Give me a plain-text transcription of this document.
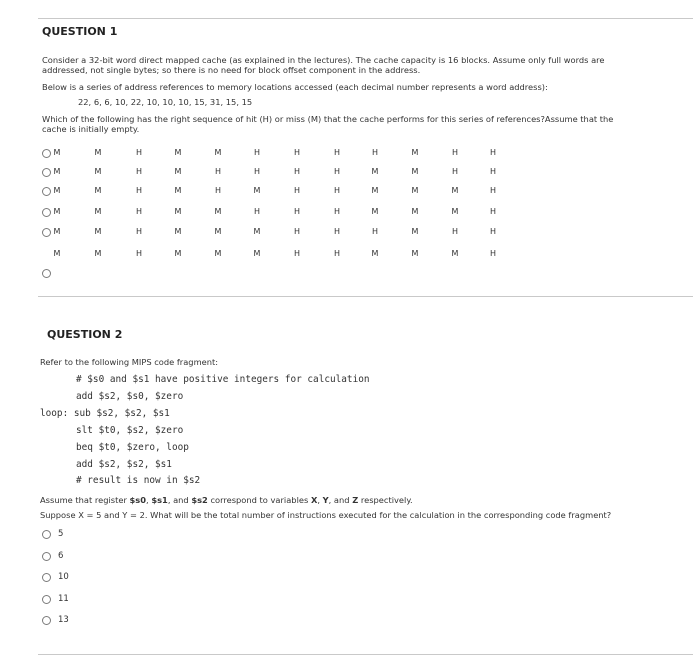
QUESTION 1
Consider a 32-bit word direct mapped cache (as explained in the lectures). The cache capacity is 16 blocks. Assume only full words are
addressed, not single bytes; so there is no need for block offset component in the address.
Below is a series of address references to memory locations accessed (each decimal number represents a word address):
22, 6, 6, 10, 22, 10, 10, 10, 15, 31, 15, 15
Which of the following has the right sequence of hit (H) or miss (M) that the cache performs for this series of references?Assume that the
cache is initially empty.
M	M	H	M	M	H	H	H	H	M	H	H
M	M	H	M	H	H	H	H	M	M	H	H
M	M	H	M	H	M	H	H	M	M	M	H
M	M	H	M	M	H	H	H	M	M	M	H
M	M	H	M	M	M	H	H	H	M	H	H
M	M	H	M	M	M	H	H	M	M	M	H
QUESTION 2
Refer to the following MIPS code fragment:
# $s0 and $s1 have positive integers for calculation
add $s2, $s0, $zero
loop: sub $s2, $s2, $s1
slt $t0, $s2, $zero
beq $t0, $zero, loop
add $s2, $s2, $s1
# result is now in $s2
Assume that register $s0, $s1, and $s2 correspond to variables X, Y, and Z respectively.
Suppose X = 5 and Y = 2. What will be the total number of instructions executed for the calculation in the corresponding code fragment?
5
6
10
11
13
